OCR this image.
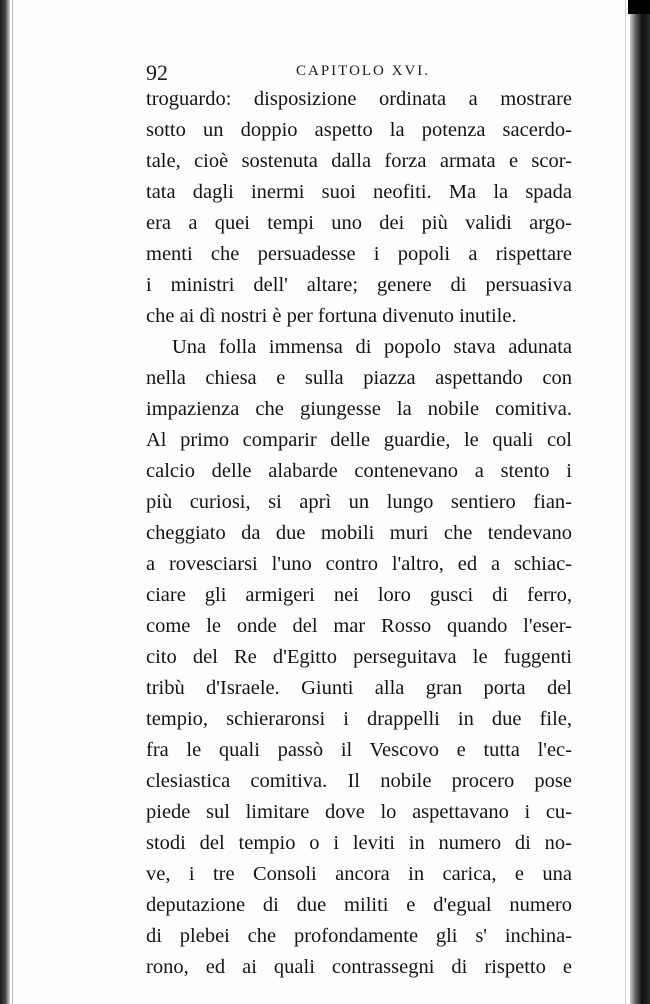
92	CAPITOLO XVI.
troguardo: disposizione ordinata a mostrare
sotto un doppio aspetto la potenza sacerdo-
tale, cioè sostenuta dalla forza armata e scor-
tata dagli inermi suoi neofiti. Ma la spada
era a quei tempi uno dei più validi argo-
menti che persuadesse i popoli a rispettare
i ministri dell' altare; genere di persuasiva
che ai dì nostri è per fortuna divenuto inutile.
Una folla immensa di popolo stava adunata
nella chiesa e sulla piazza aspettando con
impazienza che giungesse la nobile comitiva.
Al primo comparir delle guardie, le quali col
calcio delle alabarde contenevano a stento i
più curiosi, si aprì un lungo sentiero fian-
cheggiato da due mobili muri che tendevano
a rovesciarsi l'uno contro l'altro, ed a schiac-
ciare gli armigeri nei loro gusci di ferro,
come le onde del mar Rosso quando l'eser-
cito del Re d'Egitto perseguitava le fuggenti
tribù d'Israele. Giunti alla gran porta del
tempio, schieraronsi i drappelli in due file,
fra le quali passò il Vescovo e tutta l'ec-
clesiastica comitiva. Il nobile procero pose
piede sul limitare dove lo aspettavano i cu-
stodi del tempio o i leviti in numero di no-
ve, i tre Consoli ancora in carica, e una
deputazione di due militi e d'egual numero
di plebei che profondamente gli s' inchina-
rono, ed ai quali contrassegni di rispetto e
